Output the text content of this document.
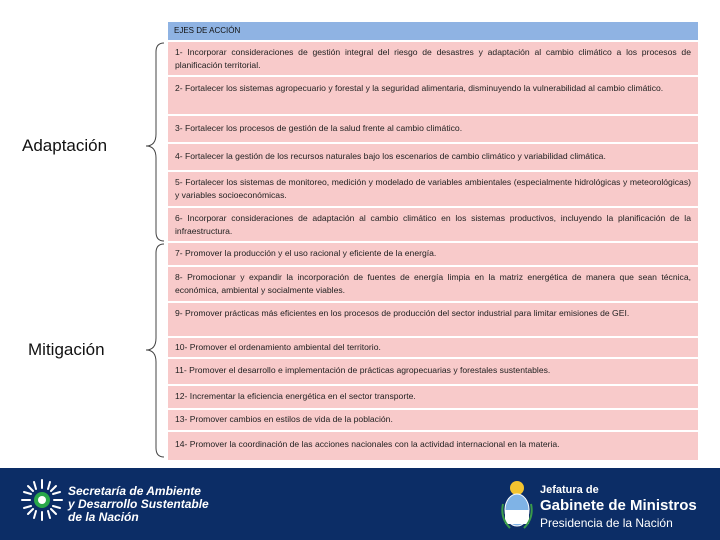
EJES DE ACCIÓN
1- Incorporar consideraciones de gestión integral del riesgo de desastres y adaptación al cambio climático a los procesos de planificación territorial.
2- Fortalecer los sistemas agropecuario y forestal y la seguridad alimentaria, disminuyendo la vulnerabilidad al cambio climático.
3- Fortalecer los procesos de gestión de la salud frente al cambio climático.
4- Fortalecer la gestión de los recursos naturales bajo los escenarios de cambio climático y variabilidad climática.
5- Fortalecer los sistemas de monitoreo, medición y modelado de variables ambientales (especialmente hidrológicas y meteorológicas) y variables socioeconómicas.
6- Incorporar consideraciones de adaptación al cambio climático en los sistemas productivos, incluyendo la planificación de la infraestructura.
7- Promover la producción y el uso racional y eficiente de la energía.
8- Promocionar y expandir la incorporación de fuentes de energía limpia en la matriz energética de manera que sean técnica, económica, ambiental y socialmente viables.
9- Promover prácticas más eficientes en los procesos de producción del sector industrial para limitar emisiones de GEI.
10- Promover el ordenamiento ambiental del territorio.
11- Promover el desarrollo e implementación de prácticas agropecuarias y forestales sustentables.
12- Incrementar la eficiencia energética en el sector transporte.
13- Promover cambios en estilos de vida de la población.
14- Promover la coordinación de las acciones nacionales con la actividad internacional en la materia.
Adaptación
Mitigación
Secretaría de Ambiente
y Desarrollo Sustentable
de la Nación
Jefatura de
Gabinete de Ministros
Presidencia de la Nación
